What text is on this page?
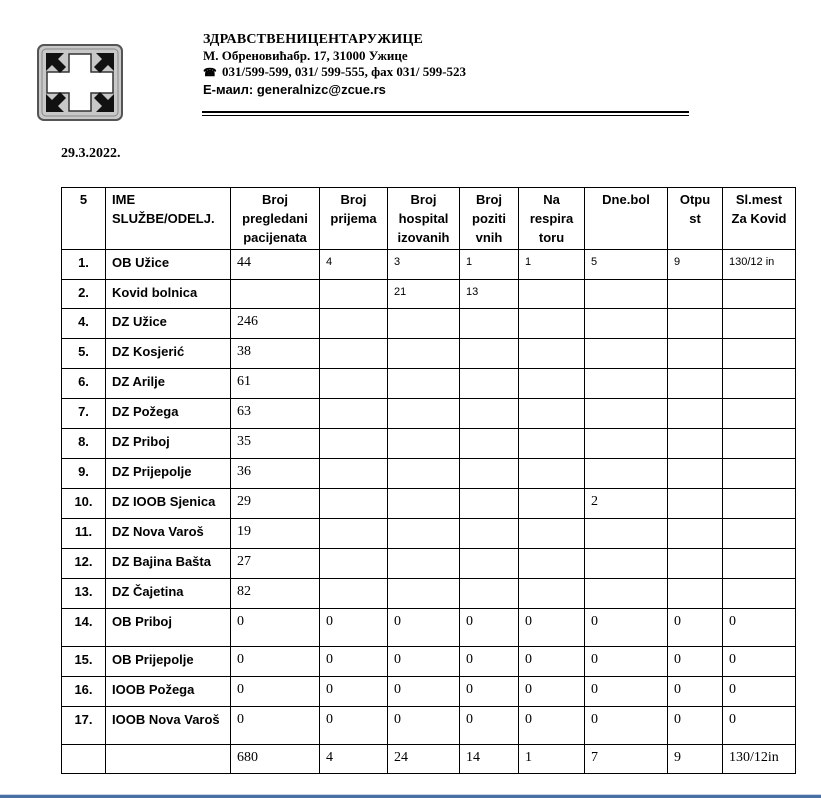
ЗДРАВСТВЕНИЦЕНТАРУЖИЦЕ
М. Обреновићабр. 17, 31000 Ужице
☎ 031/599-599, 031/ 599-555, фах 031/ 599-523
Е-маил: generalnizc@zcue.rs
29.3.2022.
5	IME SLUŽBE/ODELJ.	Broj pregledani pacijenata	Broj prijema	Broj hospital izovanih	Broj poziti vnih	Na respira toru	Dne.bol	Otpu st	Sl.mest Za Kovid
1.	OB Užice	44	4	3	1	1	5	9	130/12 in
2.	Kovid bolnica			21	13				
4.	DZ Užice	246							
5.	DZ Kosjerić	38							
6.	DZ Arilje	61							
7.	DZ Požega	63							
8.	DZ Priboj	35							
9.	DZ Prijepolje	36							
10.	DZ IOOB Sjenica	29					2		
11.	DZ Nova Varoš	19							
12.	DZ Bajina Bašta	27							
13.	DZ Čajetina	82							
14.	OB Priboj	0	0	0	0	0	0	0	0
15.	OB Prijepolje	0	0	0	0	0	0	0	0
16.	IOOB Požega	0	0	0	0	0	0	0	0
17.	IOOB Nova Varoš	0	0	0	0	0	0	0	0
		680	4	24	14	1	7	9	130/12in
